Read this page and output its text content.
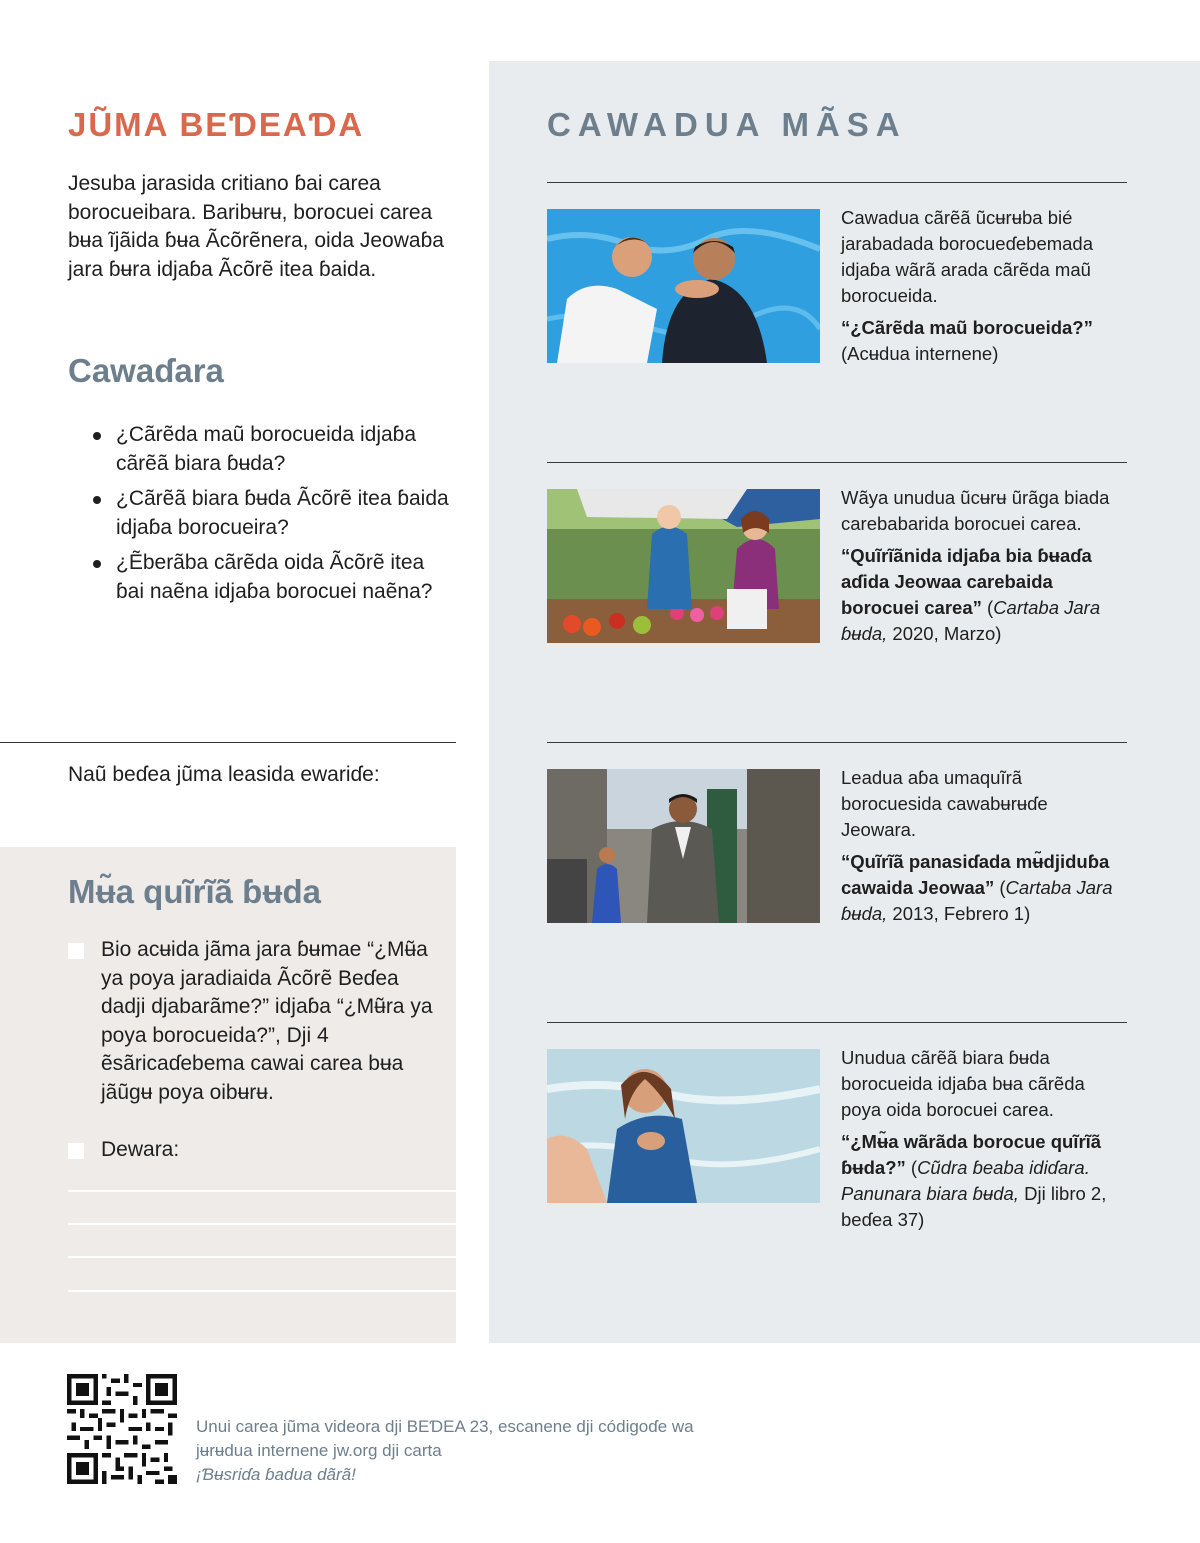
JŨMA BEƊEAƊA

Jesuba jarasida critiano ɓai carea borocueibara. Baribʉrʉ, borocuei carea bʉa ĩjãida ɓʉa Ãcõrẽnera, oida Jeowaɓa jara ɓʉra idjaɓa Ãcõrẽ itea ɓaida.

Cawaɗara
¿Cãrẽda maũ borocueida idjaɓa cãrẽã biara ɓʉda?
¿Cãrẽã biara ɓʉda Ãcõrẽ itea ɓaida idjaɓa borocueira?
¿Ẽberãba cãrẽda oida Ãcõrẽ itea ɓai naẽna idjaɓa borocuei naẽna?
Naũ beɗea jũma leasida ewariɗe:
Mʉ̃a quĩrĩã ɓʉda
Bio acʉida jãma jara ɓʉmae “¿Mʉ̃a ya poya jaradiaida Ãcõrẽ Beɗea dadji djabarãme?” idjaɓa “¿Mʉ̃ra ya poya borocueida?”, Dji 4 ẽsãricaɗebema cawai carea bʉa jãũgʉ poya oibʉrʉ.
Dewara:
CAWADUA MÃSA
Cawadua cãrẽã ũcʉrʉba bié jarabadada borocueɗebemada idjaɓa wãrã arada cãrẽda maũ borocueida.
“¿Cãrẽda maũ borocueida?”
(Acʉdua internene)
Wãya unudua ũcʉrʉ ũrãga biada carebabarida borocuei carea.
“Quĩrĩãnida idjaɓa bia ɓʉaɗa aɗida Jeowaa carebaida borocuei carea” (Cartaba Jara ɓʉda, 2020, Marzo)
Leadua aɓa umaquĩrã borocuesida cawabʉrʉɗe Jeowara.
“Quĩrĩã panasiɗada mʉ̃djiduɓa cawaida Jeowaa” (Cartaba Jara ɓʉda, 2013, Febrero 1)
Unudua cãrẽã biara ɓʉda borocueida idjaɓa bʉa cãrẽda poya oida borocuei carea.
“¿Mʉ̃a wãrãda borocue quĩrĩã ɓʉda?” (Cũdra ɓeaba idiɗara. Panunara biara ɓʉda, Dji libro 2, beɗea 37)
Unui carea jũma videora dji BEƊEA 23, escanene dji códigoɗe wa jʉrʉdua internene jw.org dji carta
¡Ɓʉsriɗa ɓadua dãrã!
